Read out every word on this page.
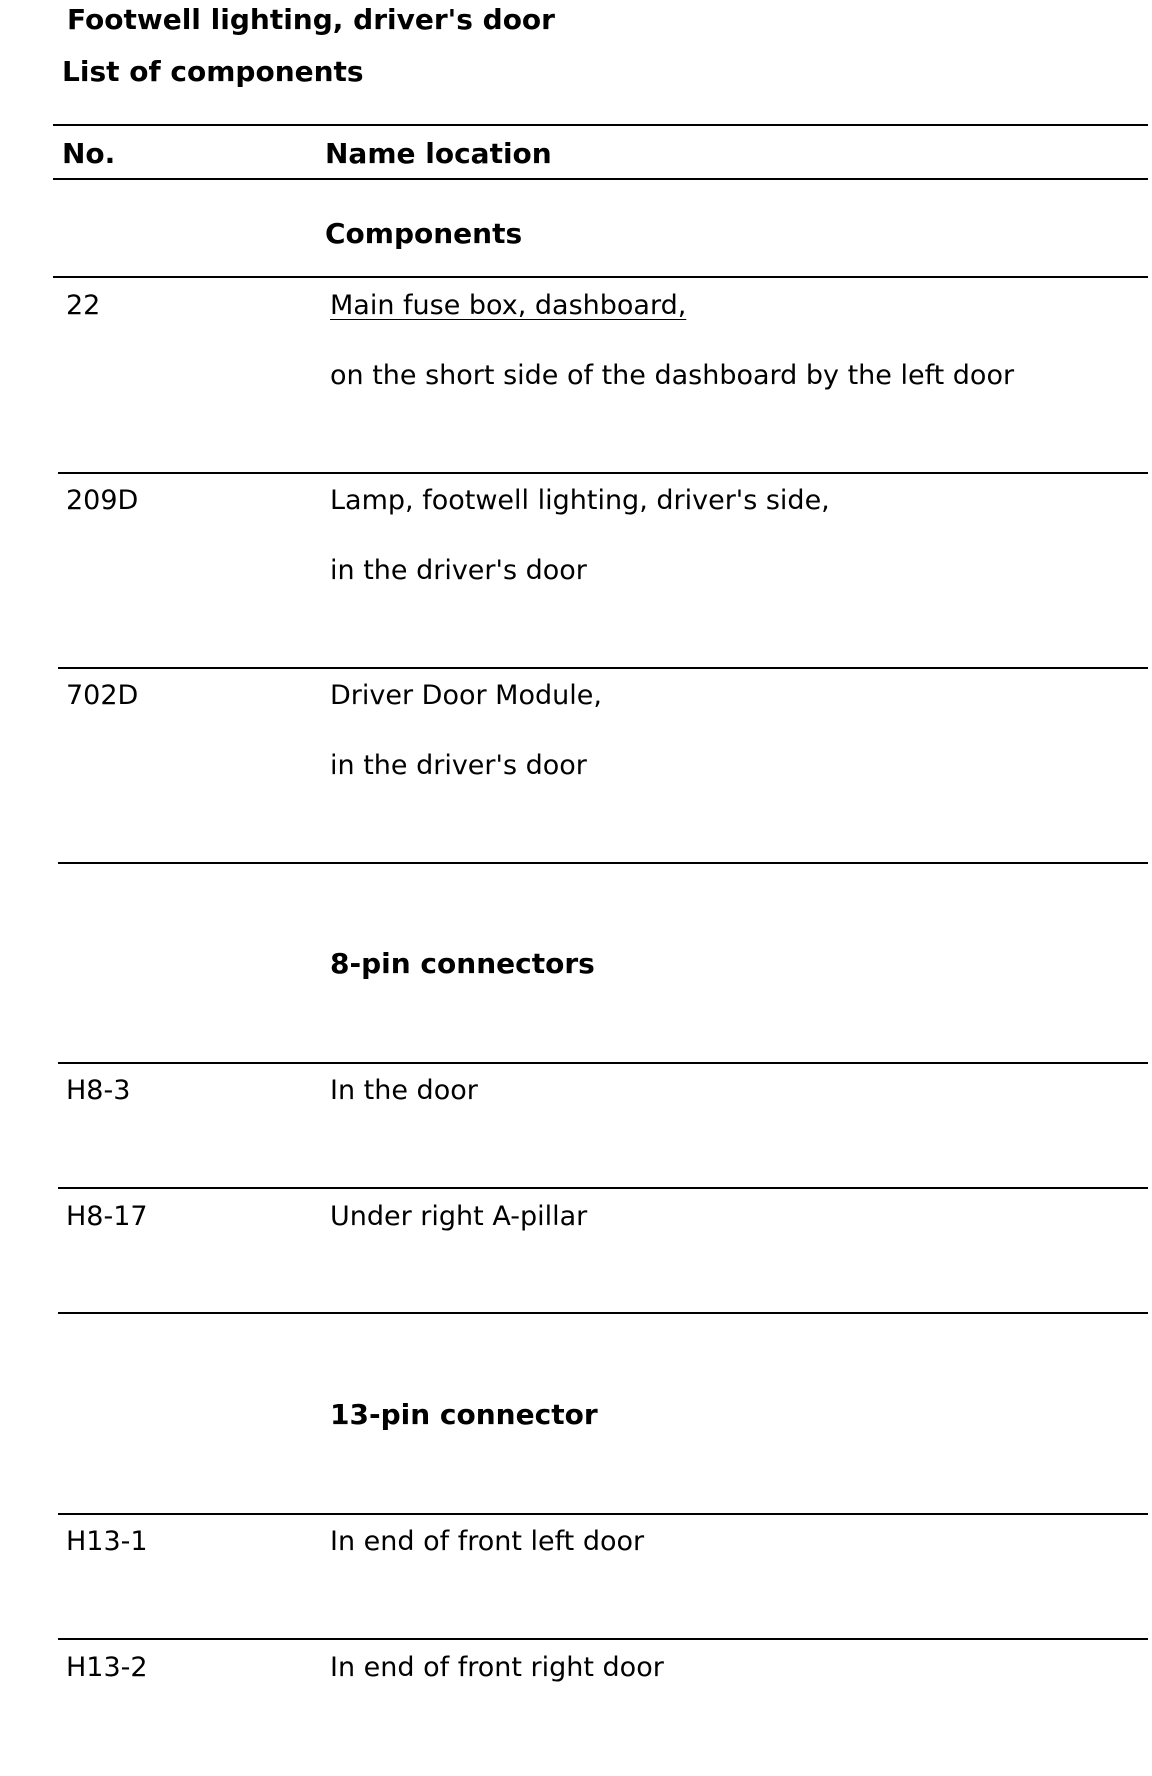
Footwell lighting, driver's door
List of components
No.	Name location
Components
22	Main fuse box, dashboard,
on the short side of the dashboard by the left door
209D	Lamp, footwell lighting, driver's side,
in the driver's door
702D	Driver Door Module,
in the driver's door
8-pin connectors
H8-3	In the door
H8-17	Under right A-pillar
13-pin connector
H13-1	In end of front left door
H13-2	In end of front right door
